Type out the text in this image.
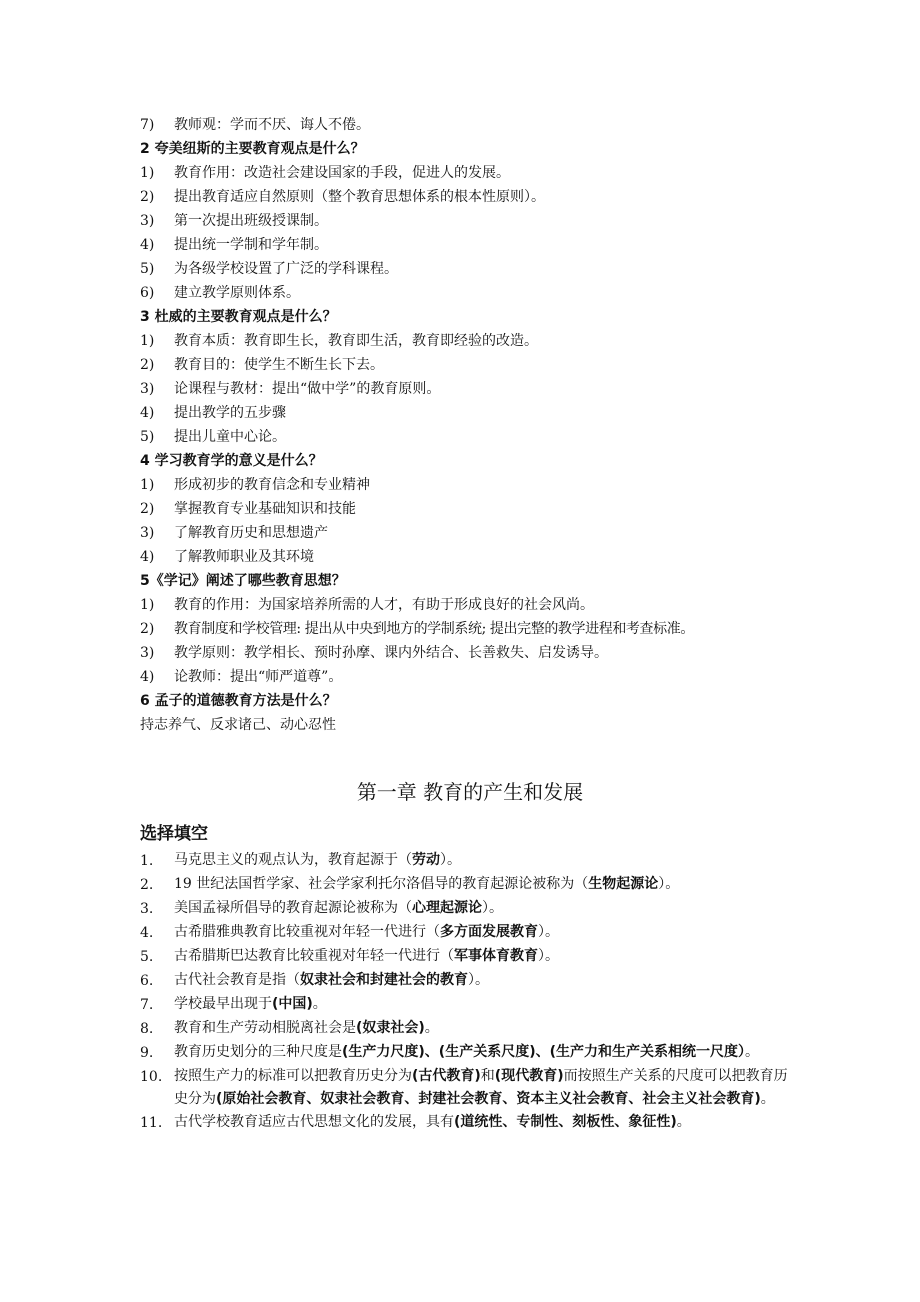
7)	教师观：学而不厌、诲人不倦。
2 夸美纽斯的主要教育观点是什么？
1)	教育作用：改造社会建设国家的手段，促进人的发展。
2)	提出教育适应自然原则（整个教育思想体系的根本性原则）。
3)	第一次提出班级授课制。
4)	提出统一学制和学年制。
5)	为各级学校设置了广泛的学科课程。
6)	建立教学原则体系。
3 杜威的主要教育观点是什么？
1)	教育本质：教育即生长，教育即生活，教育即经验的改造。
2)	教育目的：使学生不断生长下去。
3)	论课程与教材：提出“做中学”的教育原则。
4)	提出教学的五步骤
5)	提出儿童中心论。
4 学习教育学的意义是什么？
1)	形成初步的教育信念和专业精神
2)	掌握教育专业基础知识和技能
3)	了解教育历史和思想遗产
4)	了解教师职业及其环境
5《学记》阐述了哪些教育思想？
1)	教育的作用：为国家培养所需的人才，有助于形成良好的社会风尚。
2)	教育制度和学校管理: 提出从中央到地方的学制系统; 提出完整的教学进程和考查标准。
3)	教学原则：教学相长、预时孙摩、课内外结合、长善救失、启发诱导。
4)	论教师：提出“师严道尊”。
6 孟子的道德教育方法是什么？
持志养气、反求诸己、动心忍性
第一章 教育的产生和发展
选择填空
1.	马克思主义的观点认为，教育起源于（劳动）。
2.	19 世纪法国哲学家、社会学家利托尔洛倡导的教育起源论被称为（生物起源论）。
3.	美国孟禄所倡导的教育起源论被称为（心理起源论）。
4.	古希腊雅典教育比较重视对年轻一代进行（多方面发展教育）。
5.	古希腊斯巴达教育比较重视对年轻一代进行（军事体育教育）。
6.	古代社会教育是指（奴隶社会和封建社会的教育）。
7.	学校最早出现于(中国)。
8.	教育和生产劳动相脱离社会是(奴隶社会)。
9.	教育历史划分的三种尺度是(生产力尺度)、(生产关系尺度)、(生产力和生产关系相统一尺度）。
10. 按照生产力的标准可以把教育历史分为(古代教育)和(现代教育)而按照生产关系的尺度可以把教育历史分为(原始社会教育、奴隶社会教育、封建社会教育、资本主义社会教育、社会主义社会教育)。
11. 古代学校教育适应古代思想文化的发展，具有(道统性、专制性、刻板性、象征性)。
